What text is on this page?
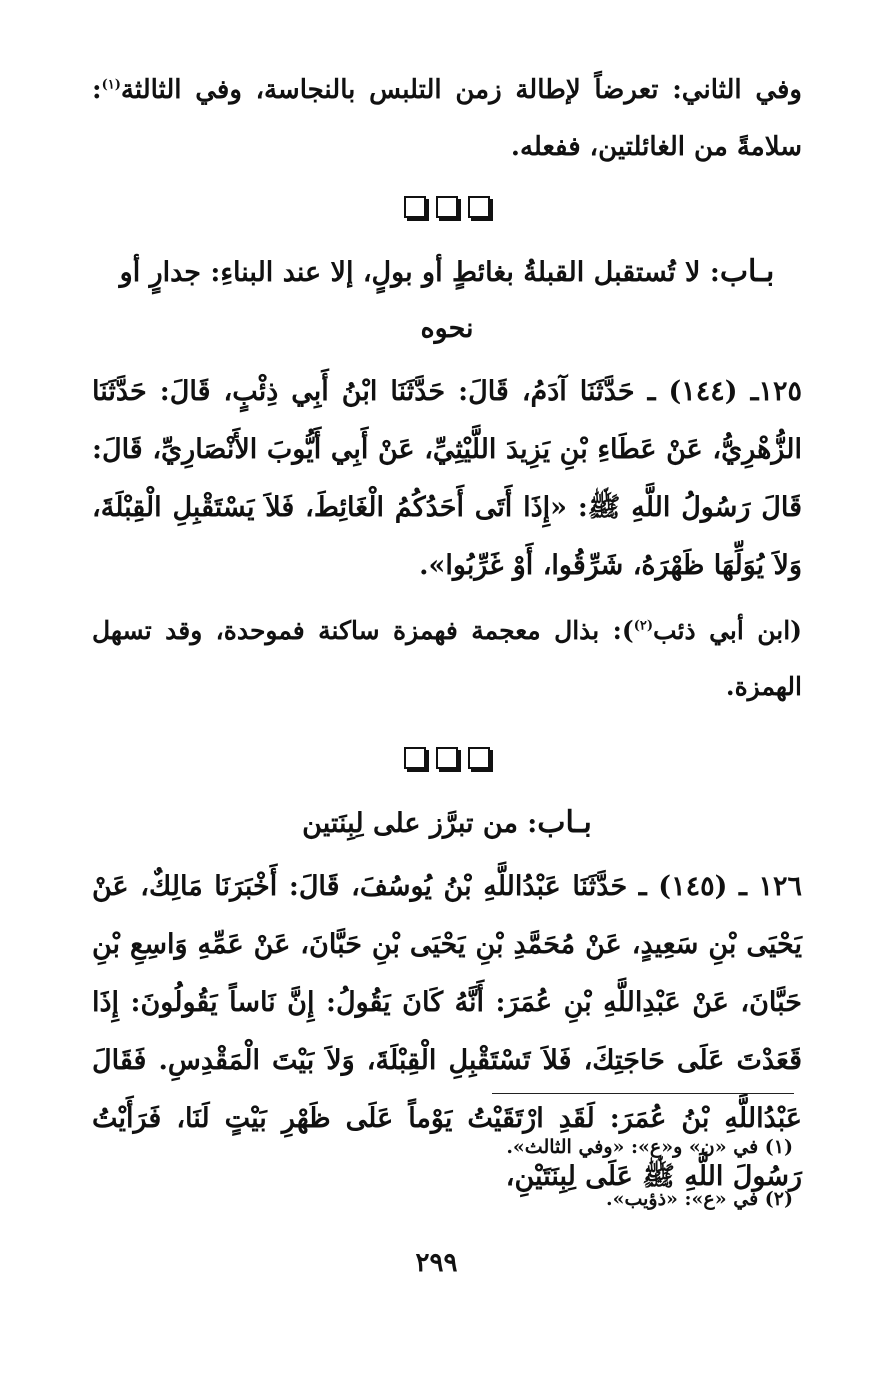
وفي الثاني: تعرضاً لإطالة زمن التلبس بالنجاسة، وفي الثالثة$^{(١)}$: سلامةً من الغائلتين، ففعله.

بـاب: لا تُستقبل القبلةُ بغائطٍ أو بولٍ، إلا عند البناءِ: جدارٍ أو نحوه

١٢٥ـ (١٤٤) ـ حَدَّثَنَا آدَمُ، قَالَ: حَدَّثَنَا ابْنُ أَبِي ذِئْبٍ، قَالَ: حَدَّثَنَا الزُّهْرِيُّ، عَنْ عَطَاءِ بْنِ يَزِيدَ اللَّيْثِيِّ، عَنْ أَبِي أَيُّوبَ الأَنْصَارِيِّ، قَالَ: قَالَ رَسُولُ اللَّهِ ﷺ: «إِذَا أَتَى أَحَدُكُمُ الْغَائِطَ، فَلاَ يَسْتَقْبِلِ الْقِبْلَةَ، وَلاَ يُوَلِّهَا ظَهْرَهُ، شَرِّقُوا، أَوْ غَرِّبُوا».

(ابن أبي ذئب$^{(٢)}$): بذال معجمة فهمزة ساكنة فموحدة، وقد تسهل الهمزة.

بـاب: من تبرَّز على لِبِنَتين

١٢٦ ـ (١٤٥) ـ حَدَّثَنَا عَبْدُاللَّهِ بْنُ يُوسُفَ، قَالَ: أَخْبَرَنَا مَالِكٌ، عَنْ يَحْيَى بْنِ سَعِيدٍ، عَنْ مُحَمَّدِ بْنِ يَحْيَى بْنِ حَبَّانَ، عَنْ عَمِّهِ وَاسِعِ بْنِ حَبَّانَ، عَنْ عَبْدِاللَّهِ بْنِ عُمَرَ: أَنَّهُ كَانَ يَقُولُ: إِنَّ نَاساً يَقُولُونَ: إِذَا قَعَدْتَ عَلَى حَاجَتِكَ، فَلاَ تَسْتَقْبِلِ الْقِبْلَةَ، وَلاَ بَيْتَ الْمَقْدِسِ. فَقَالَ عَبْدُاللَّهِ بْنُ عُمَرَ: لَقَدِ ارْتَقَيْتُ يَوْماً عَلَى ظَهْرِ بَيْتٍ لَنَا، فَرَأَيْتُ رَسُولَ اللَّهِ ﷺ عَلَى لِبِنَتَيْنِ،

(١) في «ن» و«ع»: «وفي الثالث».

(٢) في «ع»: «ذؤيب».

٢٩٩
